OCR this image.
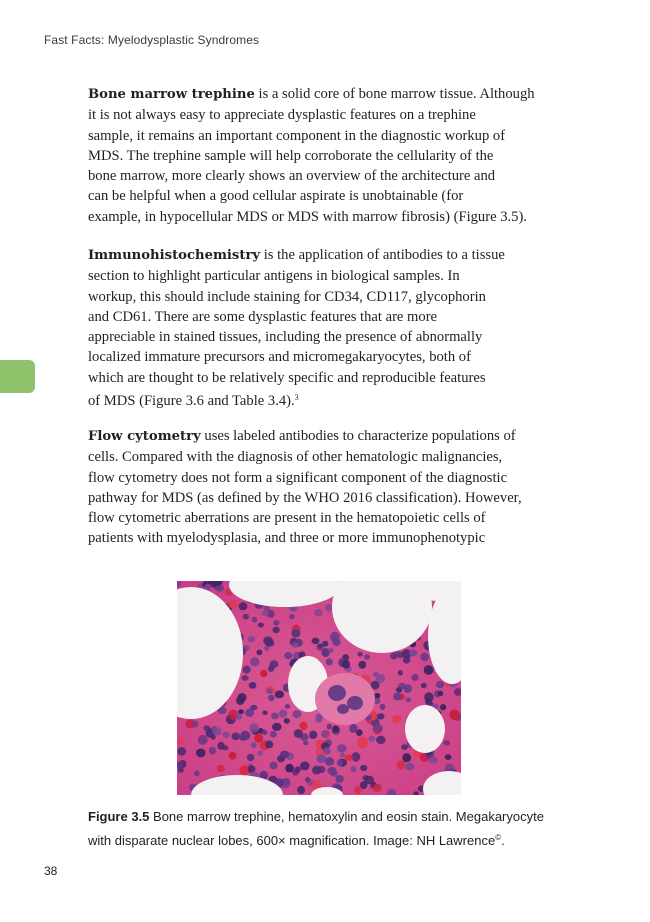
Fast Facts: Myelodysplastic Syndromes
Bone marrow trephine is a solid core of bone marrow tissue. Although
it is not always easy to appreciate dysplastic features on a trephine
sample, it remains an important component in the diagnostic workup of
MDS. The trephine sample will help corroborate the cellularity of the
bone marrow, more clearly shows an overview of the architecture and
can be helpful when a good cellular aspirate is unobtainable (for
example, in hypocellular MDS or MDS with marrow fibrosis) (Figure 3.5).
Immunohistochemistry is the application of antibodies to a tissue
section to highlight particular antigens in biological samples. In
workup, this should include staining for CD34, CD117, glycophorin
and CD61. There are some dysplastic features that are more
appreciable in stained tissues, including the presence of abnormally
localized immature precursors and micromegakaryocytes, both of
which are thought to be relatively specific and reproducible features
of MDS (Figure 3.6 and Table 3.4).$^3$
Flow cytometry uses labeled antibodies to characterize populations of
cells. Compared with the diagnosis of other hematologic malignancies,
flow cytometry does not form a significant component of the diagnostic
pathway for MDS (as defined by the WHO 2016 classification). However,
flow cytometric aberrations are present in the hematopoietic cells of
patients with myelodysplasia, and three or more immunophenotypic
Figure 3.5 Bone marrow trephine, hematoxylin and eosin stain. Megakaryocyte
with disparate nuclear lobes, 600× magnification. Image: NH Lawrence©.
38
